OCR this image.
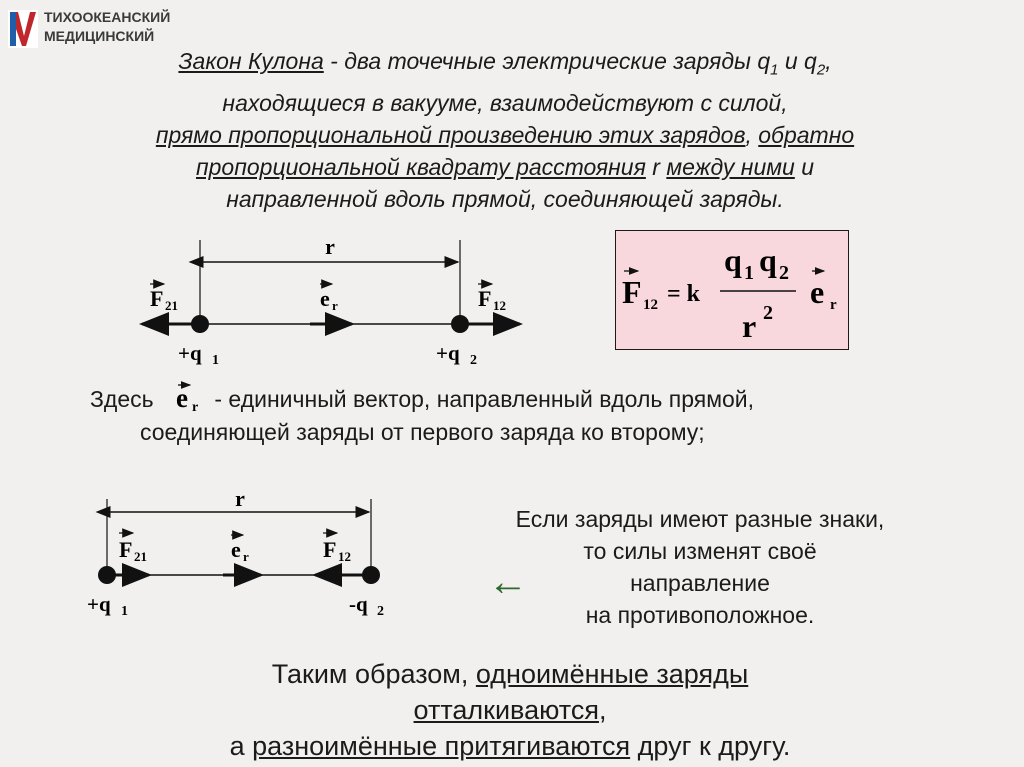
ТИХООКЕАНСКИЙ
МЕДИЦИНСКИЙ
Закон Кулона - два точечные электрические заряды $q_1$ и $q_2$,
находящиеся в вакууме, взаимодействуют с силой,
прямо пропорциональной произведению этих зарядов, обратно
пропорциональной квадрату расстояния r между ними и
направленной вдоль прямой, соединяющей заряды.
r
F 21	e r	F 12
+q 1	+q 2
F 12 = k
q 1 q 2
r 2
e r
Здесь e r - единичный вектор, направленный вдоль прямой,
соединяющей заряды от первого заряда ко второму;
r
F 21	e r	F 12
+q 1	-q 2
←
Если заряды имеют разные знаки,
то силы изменят своё
направление
на противоположное.
Таким образом, одноимённые заряды
отталкиваются,
а разноимённые притягиваются друг к другу.
